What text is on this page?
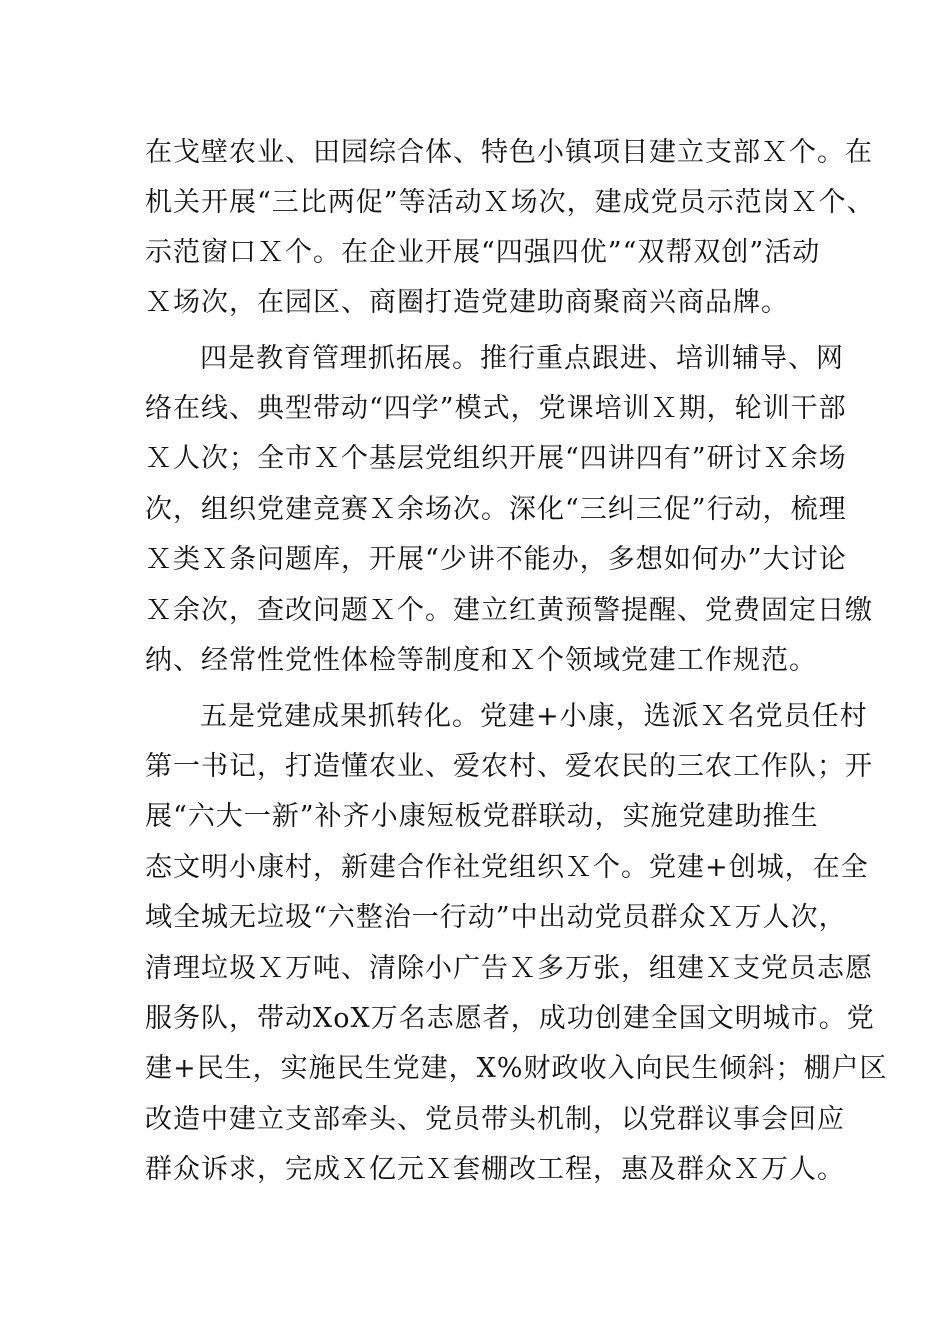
在戈壁农业、田园综合体、特色小镇项目建立支部Ｘ个。在

机关开展“三比两促”等活动Ｘ场次，建成党员示范岗Ｘ个、

示范窗口Ｘ个。在企业开展“四强四优”“双帮双创”活动

Ｘ场次，在园区、商圈打造党建助商聚商兴商品牌。

四是教育管理抓拓展。推行重点跟进、培训辅导、网

络在线、典型带动“四学”模式，党课培训Ｘ期，轮训干部

Ｘ人次；全市Ｘ个基层党组织开展“四讲四有”研讨Ｘ余场

次，组织党建竞赛Ｘ余场次。深化“三纠三促”行动，梳理

Ｘ类Ｘ条问题库，开展“少讲不能办，多想如何办”大讨论

Ｘ余次，查改问题Ｘ个。建立红黄预警提醒、党费固定日缴

纳、经常性党性体检等制度和Ｘ个领域党建工作规范。

五是党建成果抓转化。党建+小康，选派Ｘ名党员任村

第一书记，打造懂农业、爱农村、爱农民的三农工作队；开

展“六大一新”补齐小康短板党群联动，实施党建助推生

态文明小康村，新建合作社党组织Ｘ个。党建+创城，在全

域全城无垃圾“六整治一行动”中出动党员群众Ｘ万人次，

清理垃圾Ｘ万吨、清除小广告Ｘ多万张，组建Ｘ支党员志愿

服务队，带动XoX万名志愿者，成功创建全国文明城市。党

建+民生，实施民生党建，X%财政收入向民生倾斜；棚户区

改造中建立支部牵头、党员带头机制，以党群议事会回应

群众诉求，完成Ｘ亿元Ｘ套棚改工程，惠及群众Ｘ万人。
